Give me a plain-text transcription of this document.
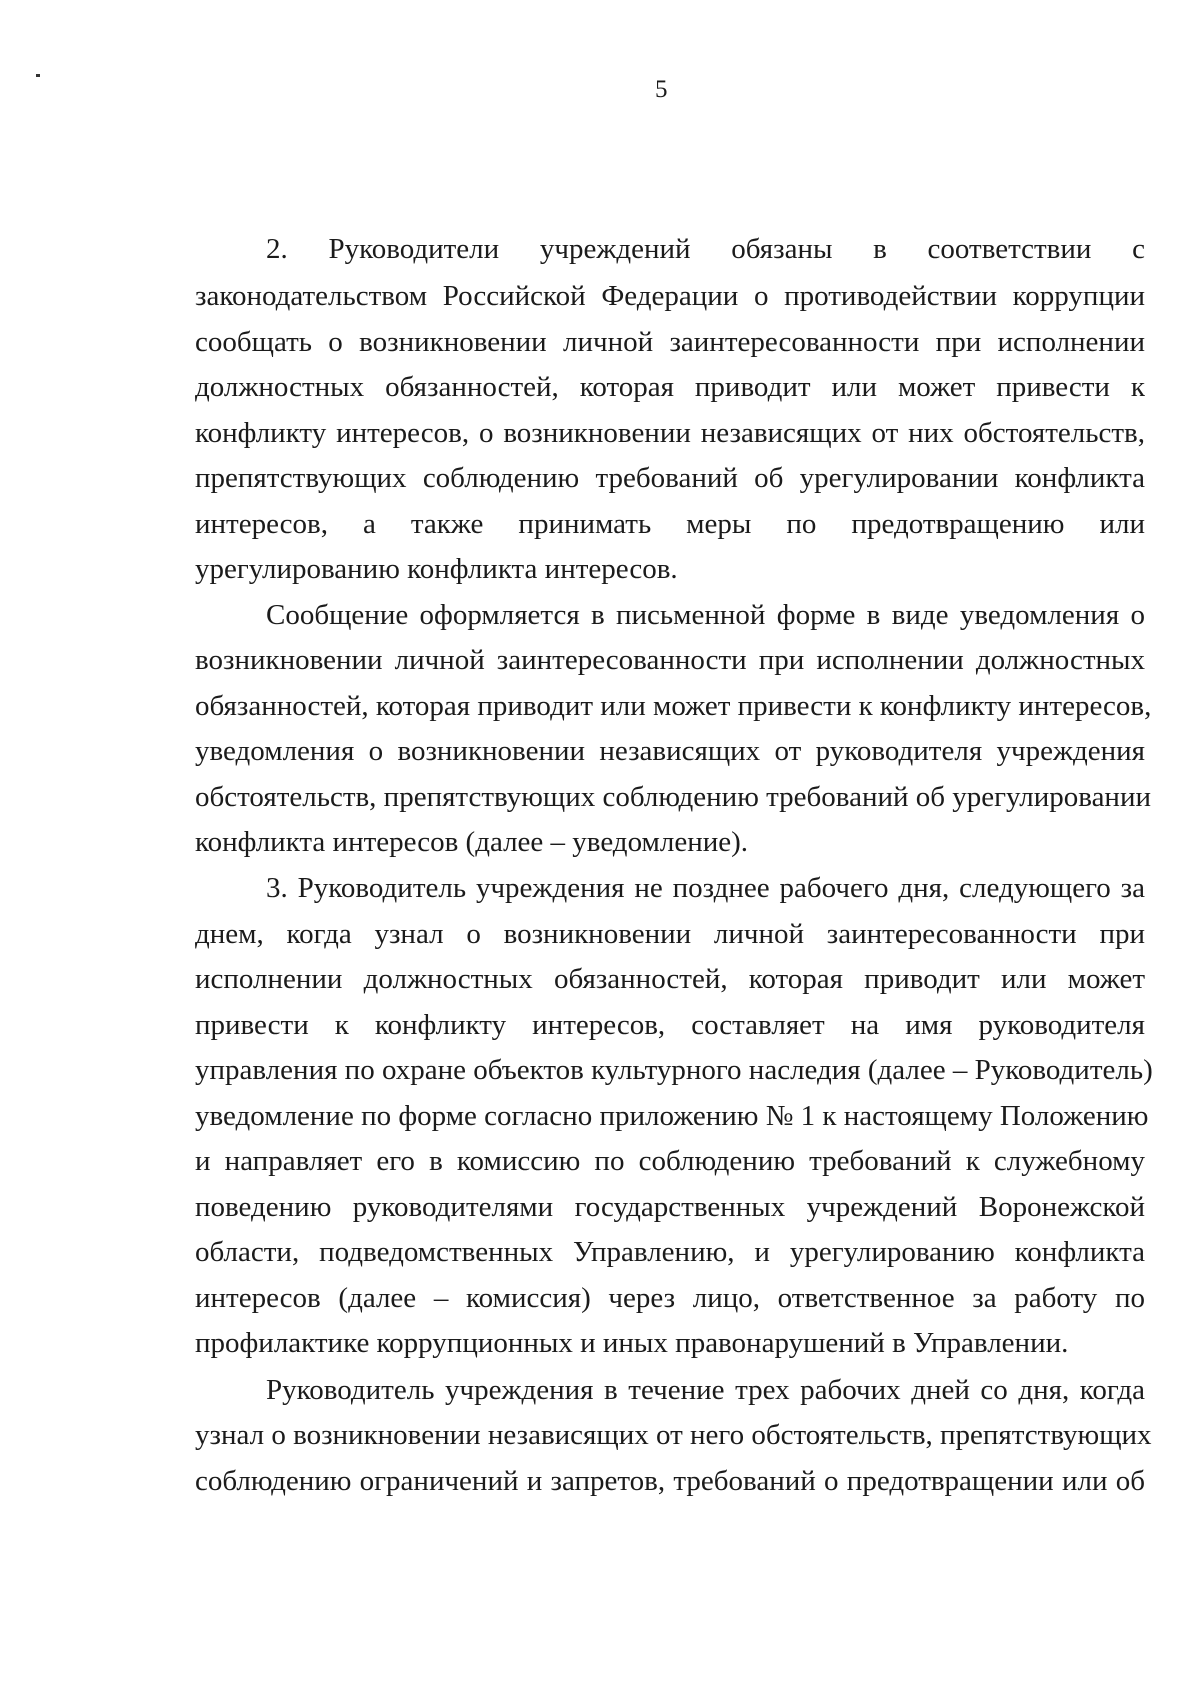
5
2. Руководители учреждений обязаны в соответствии с
законодательством Российской Федерации о противодействии коррупции
сообщать о возникновении личной заинтересованности при исполнении
должностных обязанностей, которая приводит или может привести к
конфликту интересов, о возникновении независящих от них обстоятельств,
препятствующих соблюдению требований об урегулировании конфликта
интересов, а также принимать меры по предотвращению или
урегулированию конфликта интересов.
Сообщение оформляется в письменной форме в виде уведомления о
возникновении личной заинтересованности при исполнении должностных
обязанностей, которая приводит или может привести к конфликту интересов,
уведомления о возникновении независящих от руководителя учреждения
обстоятельств, препятствующих соблюдению требований об урегулировании
конфликта интересов (далее – уведомление).
3. Руководитель учреждения не позднее рабочего дня, следующего за
днем, когда узнал о возникновении личной заинтересованности при
исполнении должностных обязанностей, которая приводит или может
привести к конфликту интересов, составляет на имя руководителя
управления по охране объектов культурного наследия (далее – Руководитель)
уведомление по форме согласно приложению № 1 к настоящему Положению
и направляет его в комиссию по соблюдению требований к служебному
поведению руководителями государственных учреждений Воронежской
области, подведомственных Управлению, и урегулированию конфликта
интересов (далее – комиссия) через лицо, ответственное за работу по
профилактике коррупционных и иных правонарушений в Управлении.
Руководитель учреждения в течение трех рабочих дней со дня, когда
узнал о возникновении независящих от него обстоятельств, препятствующих
соблюдению ограничений и запретов, требований о предотвращении или об
